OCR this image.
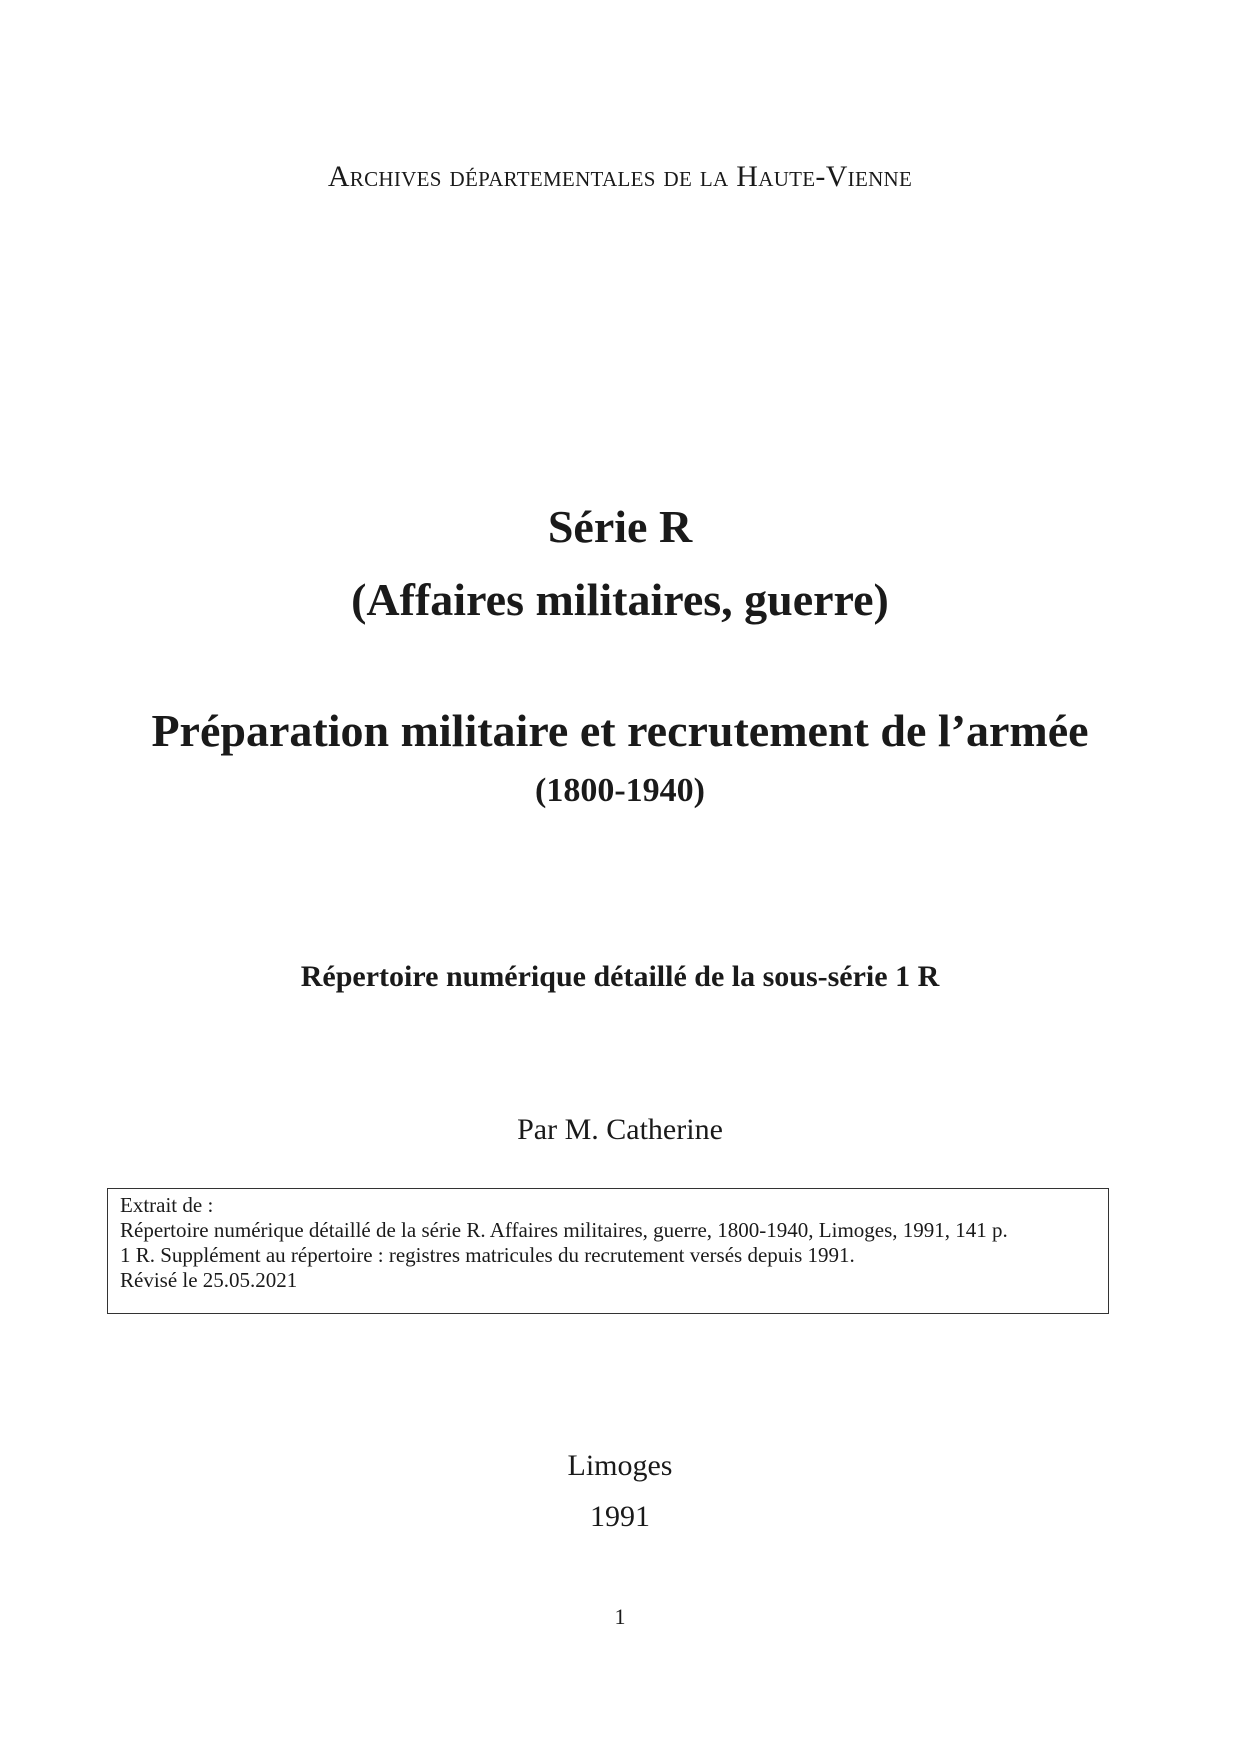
Archives départementales de la Haute-Vienne
Série R
(Affaires militaires, guerre)
Préparation militaire et recrutement de l’armée
(1800-1940)
Répertoire numérique détaillé de la sous-série 1 R
Par M. Catherine
Extrait de :
Répertoire numérique détaillé de la série R. Affaires militaires, guerre, 1800-1940, Limoges, 1991, 141 p.
1 R. Supplément au répertoire : registres matricules du recrutement versés depuis 1991.
Révisé le 25.05.2021
Limoges
1991
1
